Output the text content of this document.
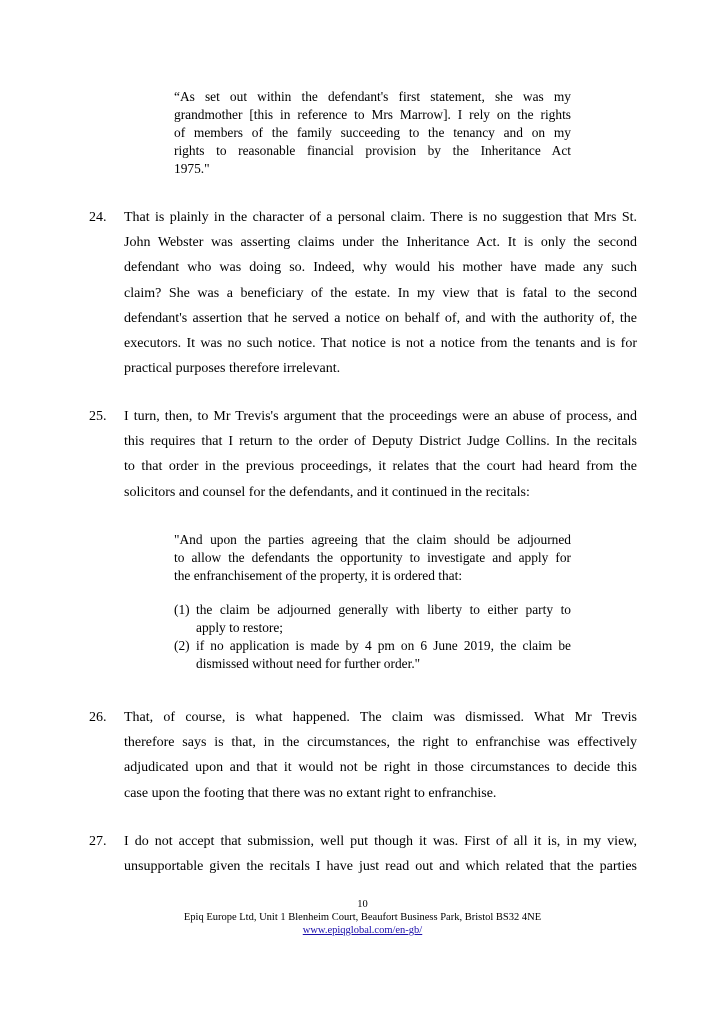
“As set out within the defendant's first statement, she was my
grandmother [this in reference to Mrs Marrow]. I rely on the rights
of members of the family succeeding to the tenancy and on my
rights to reasonable financial provision by the Inheritance Act
1975."
24. That is plainly in the character of a personal claim. There is no suggestion that Mrs St.
John Webster was asserting claims under the Inheritance Act. It is only the second
defendant who was doing so. Indeed, why would his mother have made any such
claim? She was a beneficiary of the estate. In my view that is fatal to the second
defendant's assertion that he served a notice on behalf of, and with the authority of, the
executors. It was no such notice. That notice is not a notice from the tenants and is for
practical purposes therefore irrelevant.
25. I turn, then, to Mr Trevis's argument that the proceedings were an abuse of process, and
this requires that I return to the order of Deputy District Judge Collins. In the recitals
to that order in the previous proceedings, it relates that the court had heard from the
solicitors and counsel for the defendants, and it continued in the recitals:
"And upon the parties agreeing that the claim should be adjourned
to allow the defendants the opportunity to investigate and apply for
the enfranchisement of the property, it is ordered that:
(1) the claim be adjourned generally with liberty to either party to
apply to restore;
(2) if no application is made by 4 pm on 6 June 2019, the claim be
dismissed without need for further order."
26. That, of course, is what happened. The claim was dismissed. What Mr Trevis
therefore says is that, in the circumstances, the right to enfranchise was effectively
adjudicated upon and that it would not be right in those circumstances to decide this
case upon the footing that there was no extant right to enfranchise.
27. I do not accept that submission, well put though it was. First of all it is, in my view,
unsupportable given the recitals I have just read out and which related that the parties
10
Epiq Europe Ltd, Unit 1 Blenheim Court, Beaufort Business Park, Bristol BS32 4NE
www.epiqglobal.com/en-gb/
